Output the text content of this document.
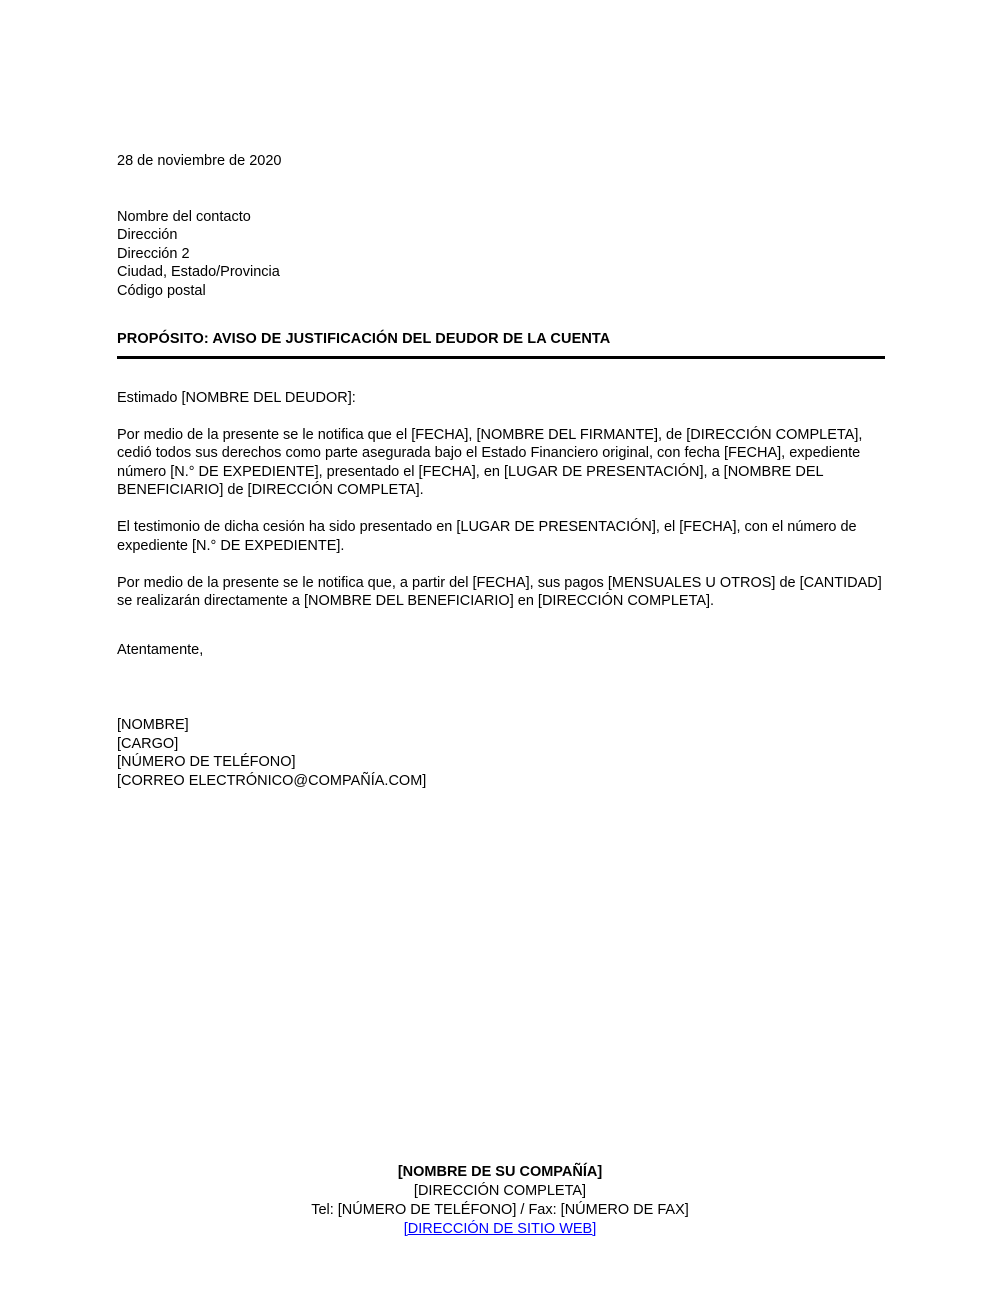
28 de noviembre de 2020

Nombre del contacto

Dirección

Dirección 2

Ciudad, Estado/Provincia

Código postal

PROPÓSITO: AVISO DE JUSTIFICACIÓN DEL DEUDOR DE LA CUENTA

Estimado [NOMBRE DEL DEUDOR]:

Por medio de la presente se le notifica que el [FECHA], [NOMBRE DEL FIRMANTE], de [DIRECCIÓN COMPLETA], cedió todos sus derechos como parte asegurada bajo el Estado Financiero original, con fecha [FECHA], expediente número [N.° DE EXPEDIENTE], presentado el [FECHA], en [LUGAR DE PRESENTACIÓN], a [NOMBRE DEL BENEFICIARIO] de [DIRECCIÓN COMPLETA].

El testimonio de dicha cesión ha sido presentado en [LUGAR DE PRESENTACIÓN], el [FECHA], con el número de expediente [N.° DE EXPEDIENTE].

Por medio de la presente se le notifica que, a partir del [FECHA], sus pagos [MENSUALES U OTROS] de [CANTIDAD] se realizarán directamente a [NOMBRE DEL BENEFICIARIO] en [DIRECCIÓN COMPLETA].

Atentamente,

[NOMBRE]

[CARGO]

[NÚMERO DE TELÉFONO]

[CORREO ELECTRÓNICO@COMPAÑÍA.COM]

[NOMBRE DE SU COMPAÑÍA]

[DIRECCIÓN COMPLETA]

Tel: [NÚMERO DE TELÉFONO] / Fax: [NÚMERO DE FAX]

[DIRECCIÓN DE SITIO WEB]
